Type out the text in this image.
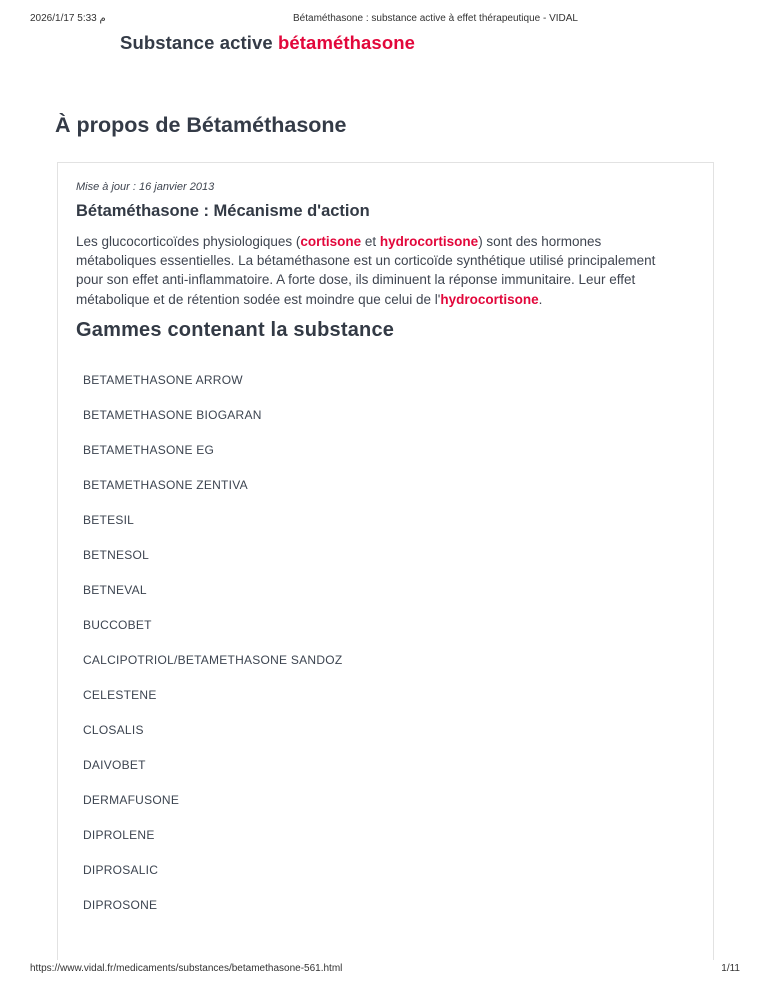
م 5:33 2026/1/17	Bétaméthasone : substance active à effet thérapeutique - VIDAL
Substance active bétaméthasone
À propos de Bétaméthasone
Mise à jour : 16 janvier 2013
Bétaméthasone : Mécanisme d'action

Les glucocorticoïdes physiologiques (cortisone et hydrocortisone) sont des hormones métaboliques essentielles. La bétaméthasone est un corticoïde synthétique utilisé principalement pour son effet anti-inflammatoire. A forte dose, ils diminuent la réponse immunitaire. Leur effet métabolique et de rétention sodée est moindre que celui de l'hydrocortisone.

Gammes contenant la substance
BETAMETHASONE ARROW
BETAMETHASONE BIOGARAN
BETAMETHASONE EG
BETAMETHASONE ZENTIVA
BETESIL
BETNESOL
BETNEVAL
BUCCOBET
CALCIPOTRIOL/BETAMETHASONE SANDOZ
CELESTENE
CLOSALIS
DAIVOBET
DERMAFUSONE
DIPROLENE
DIPROSALIC
DIPROSONE
https://www.vidal.fr/medicaments/substances/betamethasone-561.html	1/11
